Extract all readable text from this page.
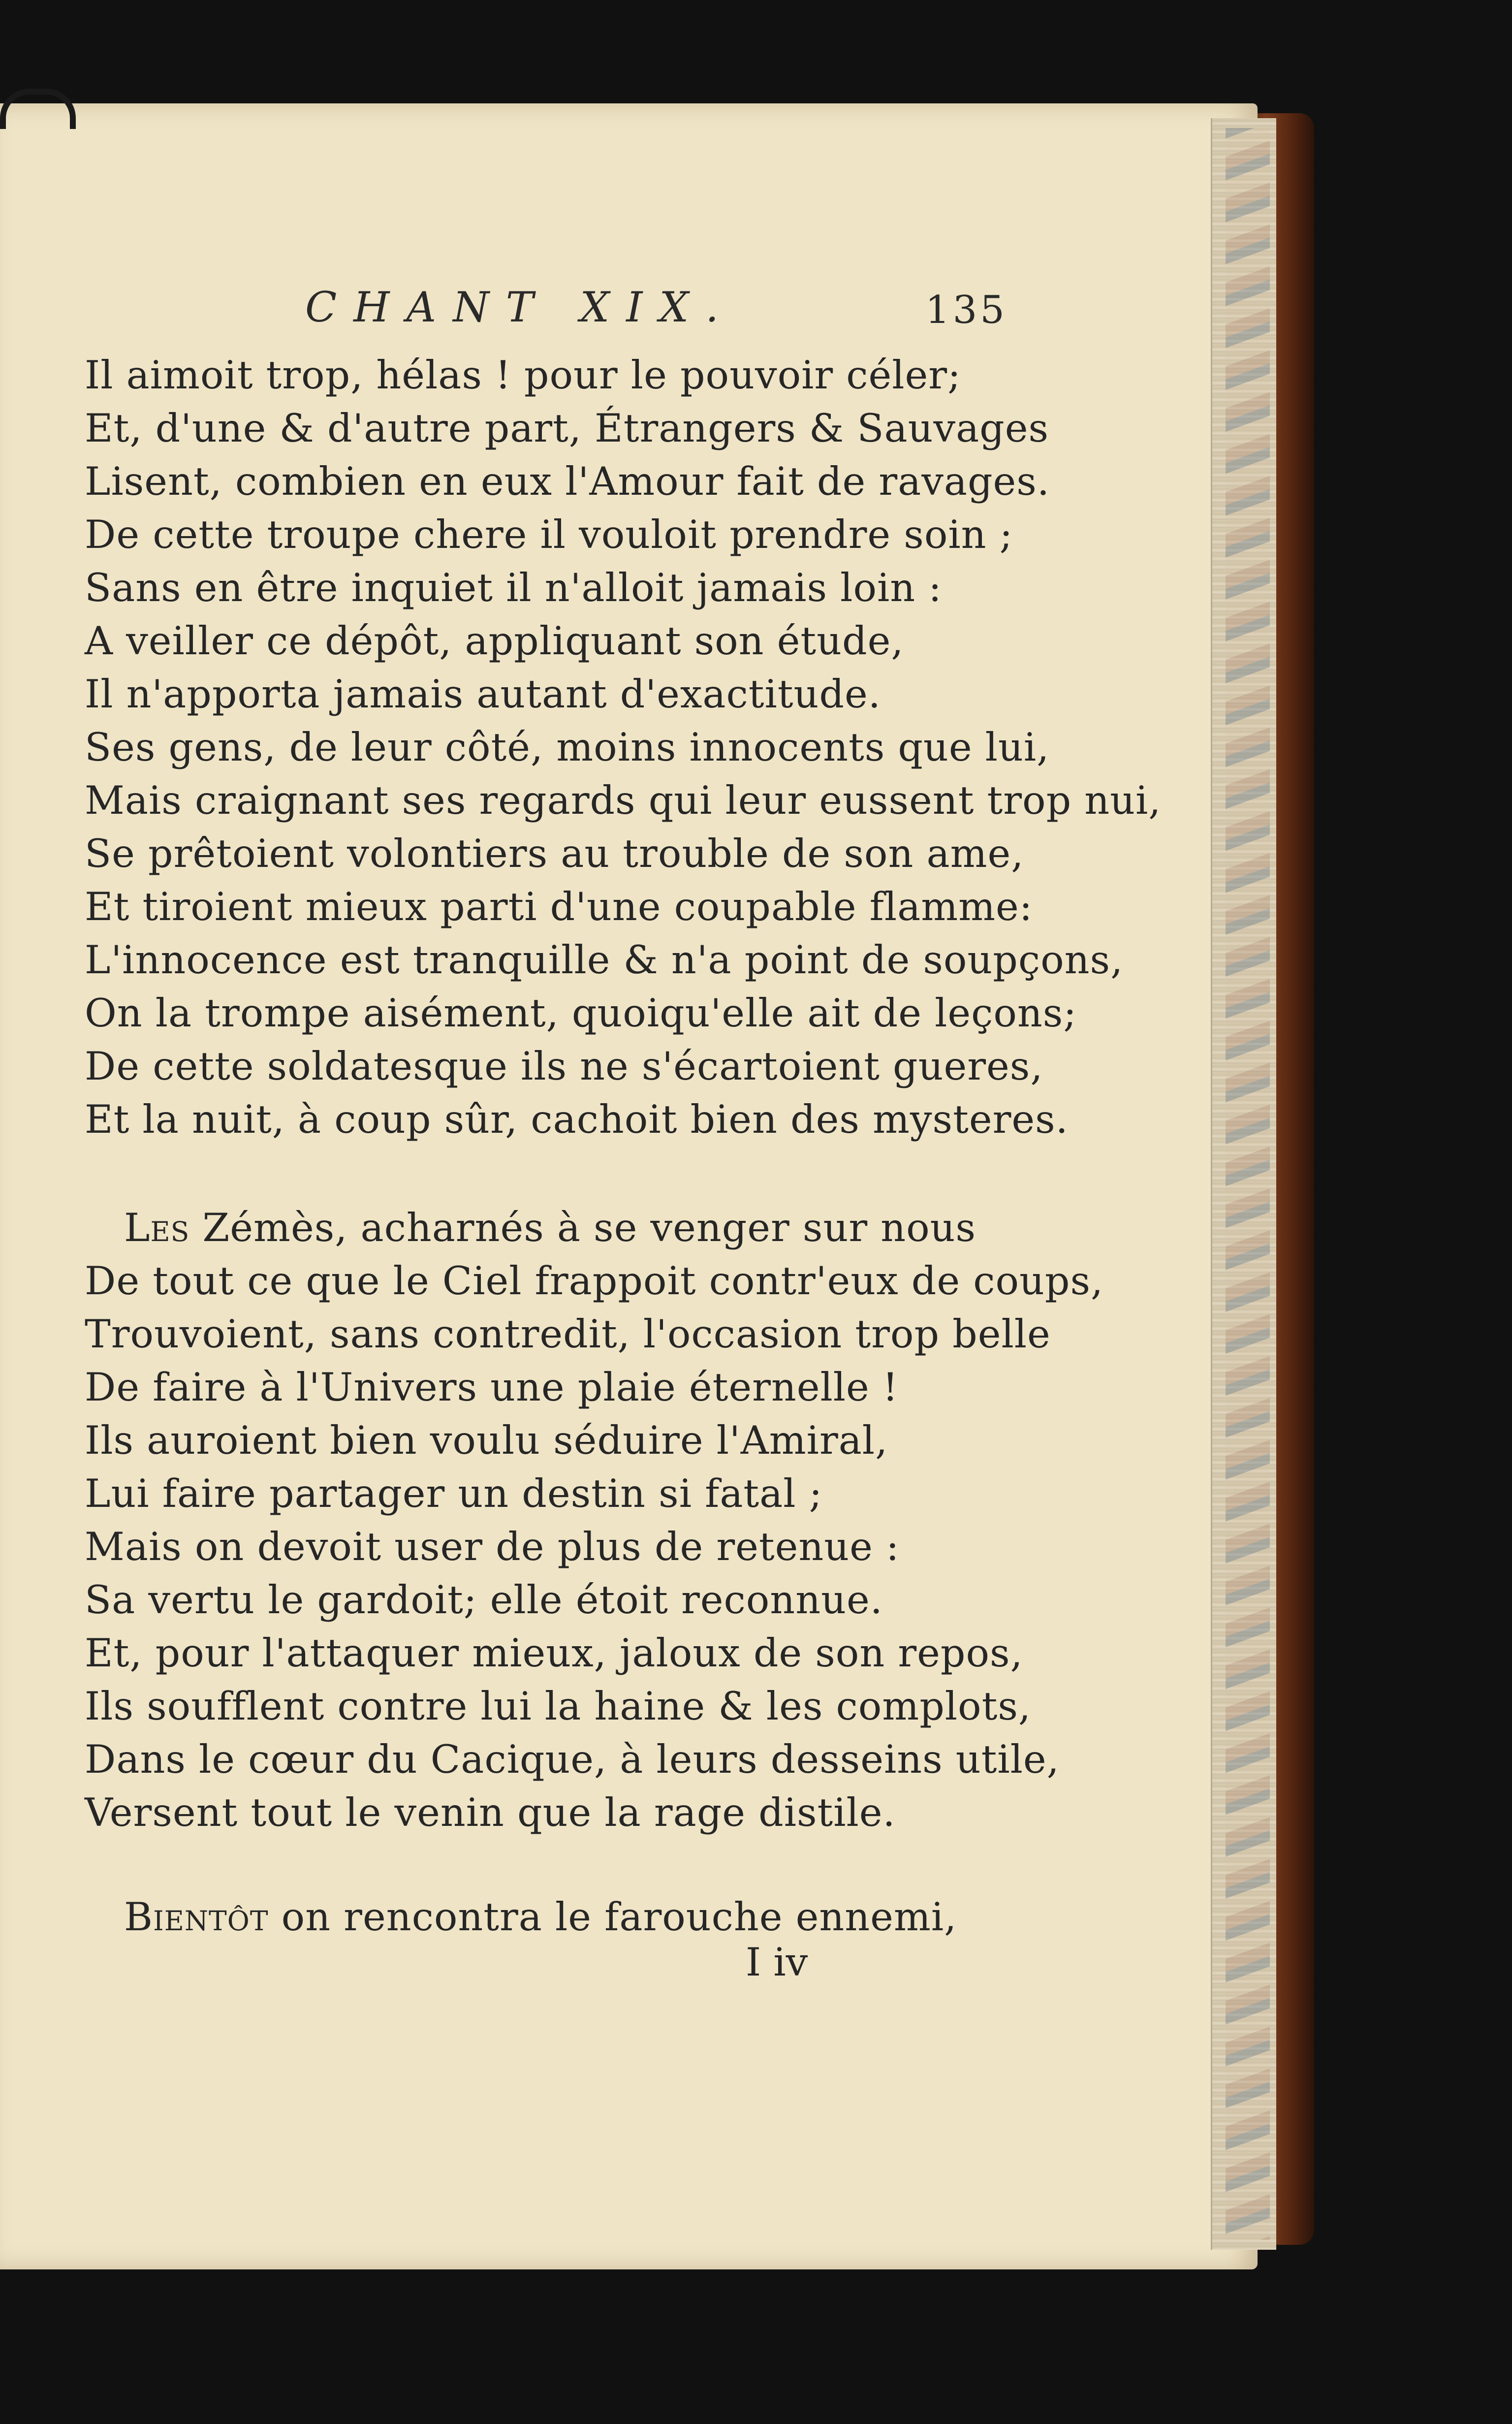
CHANT XIX.	135
Il aimoit trop, hélas ! pour le pouvoir céler;
Et, d'une & d'autre part, Étrangers & Sauvages
Lisent, combien en eux l'Amour fait de ravages.
De cette troupe chere il vouloit prendre soin ;
Sans en être inquiet il n'alloit jamais loin :
A veiller ce dépôt, appliquant son étude,
Il n'apporta jamais autant d'exactitude.
Ses gens, de leur côté, moins innocents que lui,
Mais craignant ses regards qui leur eussent trop nui,
Se prêtoient volontiers au trouble de son ame,
Et tiroient mieux parti d'une coupable flamme:
L'innocence est tranquille & n'a point de soupçons,
On la trompe aisément, quoiqu'elle ait de leçons;
De cette soldatesque ils ne s'écartoient gueres,
Et la nuit, à coup sûr, cachoit bien des mysteres.
Les Zémès, acharnés à se venger sur nous
De tout ce que le Ciel frappoit contr'eux de coups,
Trouvoient, sans contredit, l'occasion trop belle
De faire à l'Univers une plaie éternelle !
Ils auroient bien voulu séduire l'Amiral,
Lui faire partager un destin si fatal ;
Mais on devoit user de plus de retenue :
Sa vertu le gardoit; elle étoit reconnue.
Et, pour l'attaquer mieux, jaloux de son repos,
Ils soufflent contre lui la haine & les complots,
Dans le cœur du Cacique, à leurs desseins utile,
Versent tout le venin que la rage distile.
Bientôt on rencontra le farouche ennemi,
I iv
